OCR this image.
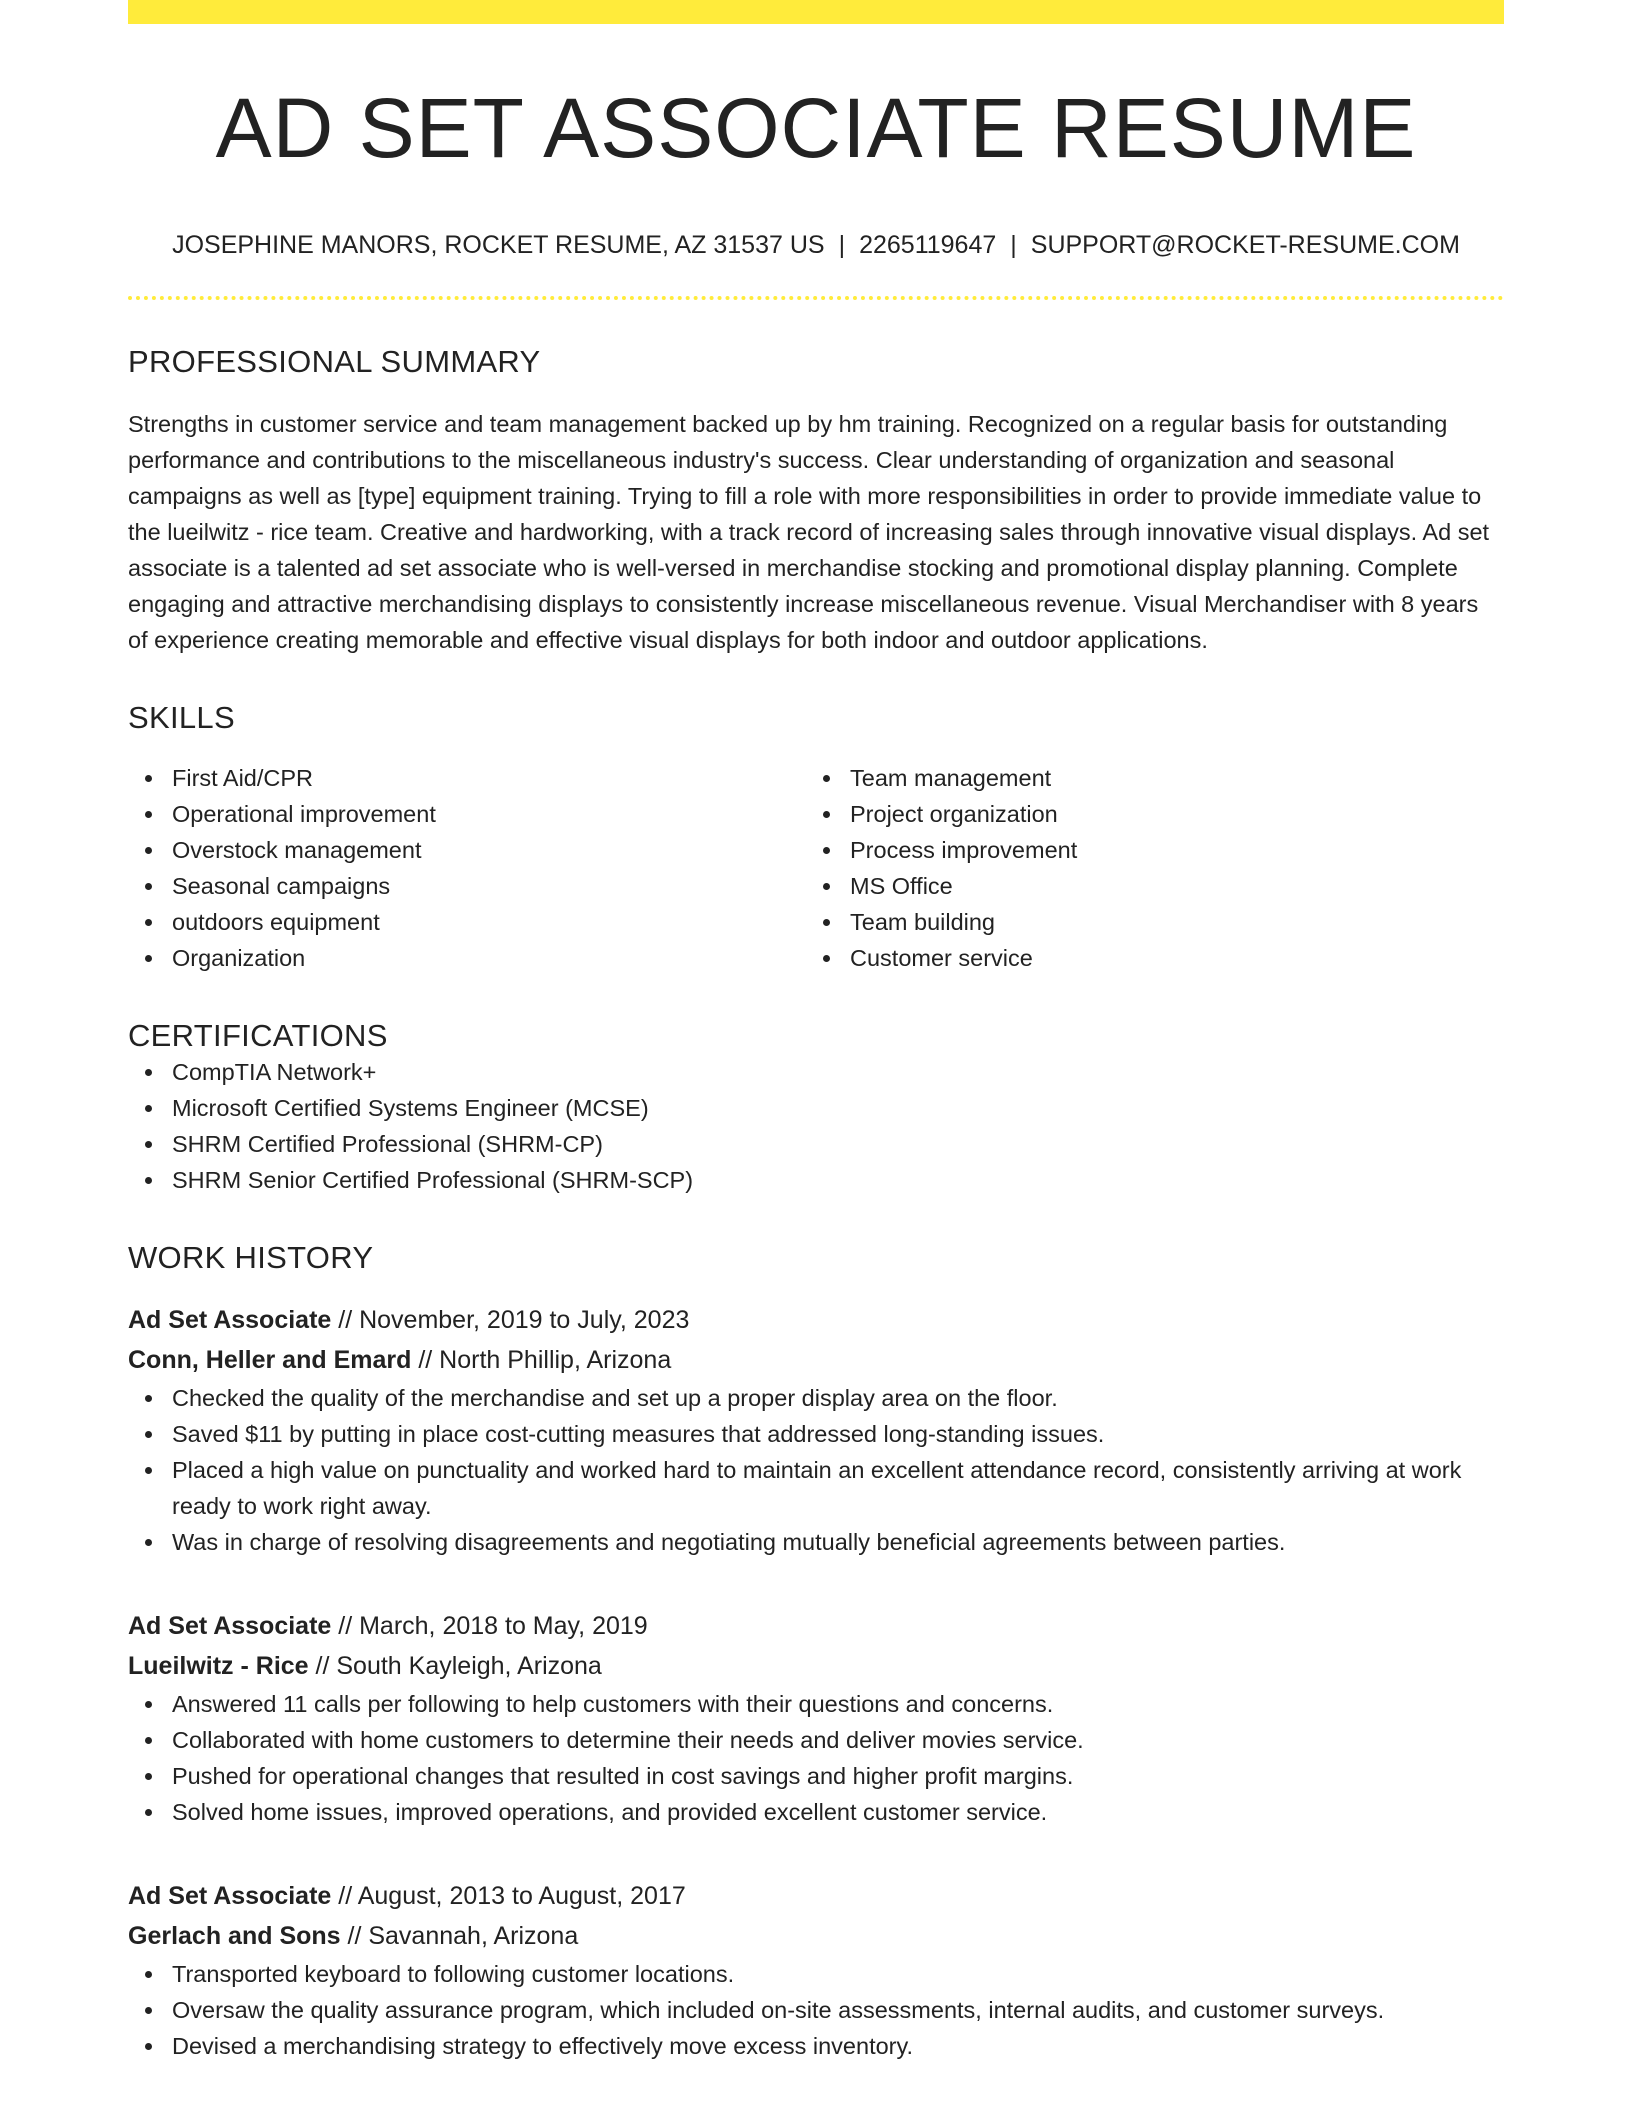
AD SET ASSOCIATE RESUME
JOSEPHINE MANORS, ROCKET RESUME, AZ 31537 US | 2265119647 | SUPPORT@ROCKET-RESUME.COM
PROFESSIONAL SUMMARY

Strengths in customer service and team management backed up by hm training. Recognized on a regular basis for outstanding performance and contributions to the miscellaneous industry's success. Clear understanding of organization and seasonal campaigns as well as [type] equipment training. Trying to fill a role with more responsibilities in order to provide immediate value to the lueilwitz - rice team. Creative and hardworking, with a track record of increasing sales through innovative visual displays. Ad set associate is a talented ad set associate who is well-versed in merchandise stocking and promotional display planning. Complete engaging and attractive merchandising displays to consistently increase miscellaneous revenue. Visual Merchandiser with 8 years of experience creating memorable and effective visual displays for both indoor and outdoor applications.

SKILLS
First Aid/CPR
Operational improvement
Overstock management
Seasonal campaigns
outdoors equipment
Organization
Team management
Project organization
Process improvement
MS Office
Team building
Customer service
CERTIFICATIONS
CompTIA Network+
Microsoft Certified Systems Engineer (MCSE)
SHRM Certified Professional (SHRM-CP)
SHRM Senior Certified Professional (SHRM-SCP)
WORK HISTORY
Ad Set Associate // November, 2019 to July, 2023
Conn, Heller and Emard // North Phillip, Arizona
Checked the quality of the merchandise and set up a proper display area on the floor.
Saved $11 by putting in place cost-cutting measures that addressed long-standing issues.
Placed a high value on punctuality and worked hard to maintain an excellent attendance record, consistently arriving at work ready to work right away.
Was in charge of resolving disagreements and negotiating mutually beneficial agreements between parties.
Ad Set Associate // March, 2018 to May, 2019
Lueilwitz - Rice // South Kayleigh, Arizona
Answered 11 calls per following to help customers with their questions and concerns.
Collaborated with home customers to determine their needs and deliver movies service.
Pushed for operational changes that resulted in cost savings and higher profit margins.
Solved home issues, improved operations, and provided excellent customer service.
Ad Set Associate // August, 2013 to August, 2017
Gerlach and Sons // Savannah, Arizona
Transported keyboard to following customer locations.
Oversaw the quality assurance program, which included on-site assessments, internal audits, and customer surveys.
Devised a merchandising strategy to effectively move excess inventory.
